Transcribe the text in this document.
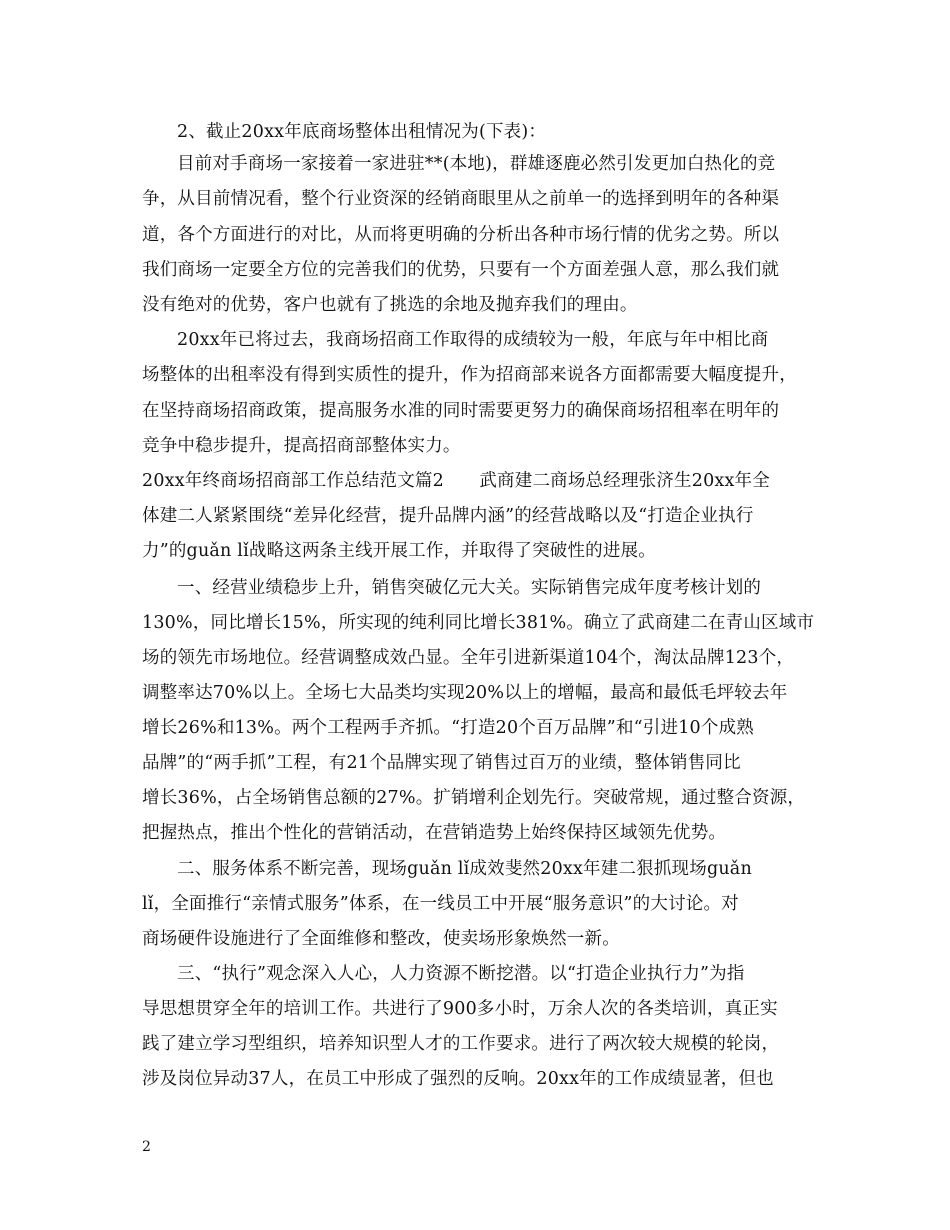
2、截止20xx年底商场整体出租情况为(下表)：
目前对手商场一家接着一家进驻**(本地)，群雄逐鹿必然引发更加白热化的竞
争，从目前情况看，整个行业资深的经销商眼里从之前单一的选择到明年的各种渠
道，各个方面进行的对比，从而将更明确的分析出各种市场行情的优劣之势。所以
我们商场一定要全方位的完善我们的优势，只要有一个方面差强人意，那么我们就
没有绝对的优势，客户也就有了挑选的余地及抛弃我们的理由。
20xx年已将过去，我商场招商工作取得的成绩较为一般，年底与年中相比商
场整体的出租率没有得到实质性的提升，作为招商部来说各方面都需要大幅度提升，
在坚持商场招商政策，提高服务水准的同时需要更努力的确保商场招租率在明年的
竞争中稳步提升，提高招商部整体实力。
20xx年终商场招商部工作总结范文篇2　　武商建二商场总经理张济生20xx年全
体建二人紧紧围绕“差异化经营，提升品牌内涵”的经营战略以及“打造企业执行
力”的guǎn lǐ战略这两条主线开展工作，并取得了突破性的进展。
一、经营业绩稳步上升，销售突破亿元大关。实际销售完成年度考核计划的
130%，同比增长15%，所实现的纯利同比增长381%。确立了武商建二在青山区域市
场的领先市场地位。经营调整成效凸显。全年引进新渠道104个，淘汰品牌123个，
调整率达70%以上。全场七大品类均实现20%以上的增幅，最高和最低毛坪较去年
增长26%和13%。两个工程两手齐抓。“打造20个百万品牌”和“引进10个成熟
品牌”的“两手抓”工程，有21个品牌实现了销售过百万的业绩，整体销售同比
增长36%，占全场销售总额的27%。扩销增利企划先行。突破常规，通过整合资源，
把握热点，推出个性化的营销活动，在营销造势上始终保持区域领先优势。
二、服务体系不断完善，现场guǎn lǐ成效斐然20xx年建二狠抓现场guǎn
lǐ，全面推行“亲情式服务”体系，在一线员工中开展“服务意识”的大讨论。对
商场硬件设施进行了全面维修和整改，使卖场形象焕然一新。
三、“执行”观念深入人心，人力资源不断挖潜。以“打造企业执行力”为指
导思想贯穿全年的培训工作。共进行了900多小时，万余人次的各类培训，真正实
践了建立学习型组织，培养知识型人才的工作要求。进行了两次较大规模的轮岗，
涉及岗位异动37人，在员工中形成了强烈的反响。20xx年的工作成绩显著，但也
2
